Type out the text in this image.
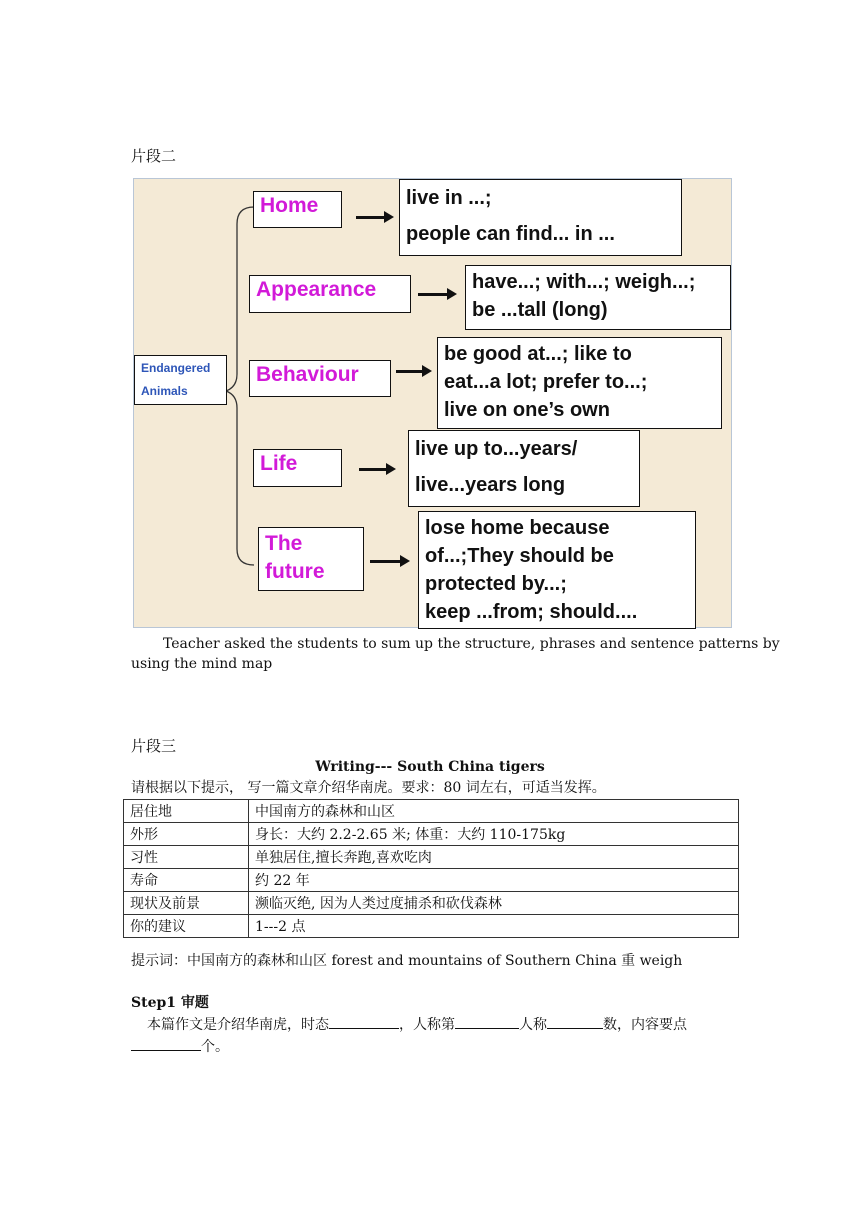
片段二
Endangered
Animals
Home	live in ...;
people can find... in ...
Appearance	have...; with...; weigh...;
be ...tall (long)
Behaviour
be good at...; like to
eat...a lot; prefer to...;
live on one’s own
Life
live up to...years/
live...years long
The
future
lose home because
of...;They should be
protected by...;
keep ...from; should....
Teacher asked the students to sum up the structure, phrases and sentence patterns by
using the mind map
片段三
Writing--- South China tigers
请根据以下提示， 写一篇文章介绍华南虎。要求：80 词左右，可适当发挥。
居住地	中国南方的森林和山区
外形	身长：大约 2.2-2.65 米; 体重：大约 110-175kg
习性	单独居住,擅长奔跑,喜欢吃肉
寿命	约 22 年
现状及前景	濒临灭绝, 因为人类过度捕杀和砍伐森林
你的建议	1---2 点
提示词：中国南方的森林和山区 forest and mountains of Southern China 重 weigh
Step1 审题
本篇作文是介绍华南虎，时态	，人称第	人称	数，内容要点
个。
